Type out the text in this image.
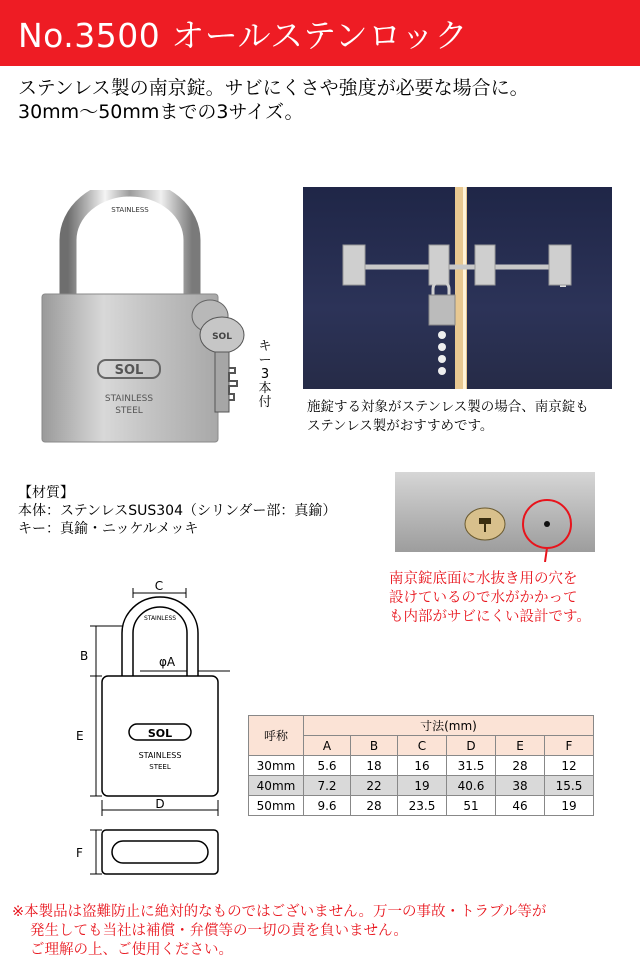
No.3500 オールステンロック
ステンレス製の南京錠。サビにくさや強度が必要な場合に。
30mm〜50mmまでの3サイズ。
STAINLESS
SOL
STAINLESS
STEEL
SOL
キー3本付	施錠する対象がステンレス製の場合、南京錠も
ステンレス製がおすすめです。
【材質】
本体：ステンレスSUS304（シリンダー部：真鍮）
キー：真鍮・ニッケルメッキ
南京錠底面に水抜き用の穴を
設けているので水がかかって
も内部がサビにくい設計です。
C
STAINLESS
B	φA
SOL
STAINLESS
STEEL
E
D
F
呼称	寸法(mm)					
	A	B	C	D	E	F
30mm	5.6	18	16	31.5	28	12
40mm	7.2	22	19	40.6	38	15.5
50mm	9.6	28	23.5	51	46	19
※本製品は盗難防止に絶対的なものではございません。万一の事故・トラブル等が
発生しても当社は補償・弁償等の一切の責を負いません。
ご理解の上、ご使用ください。
